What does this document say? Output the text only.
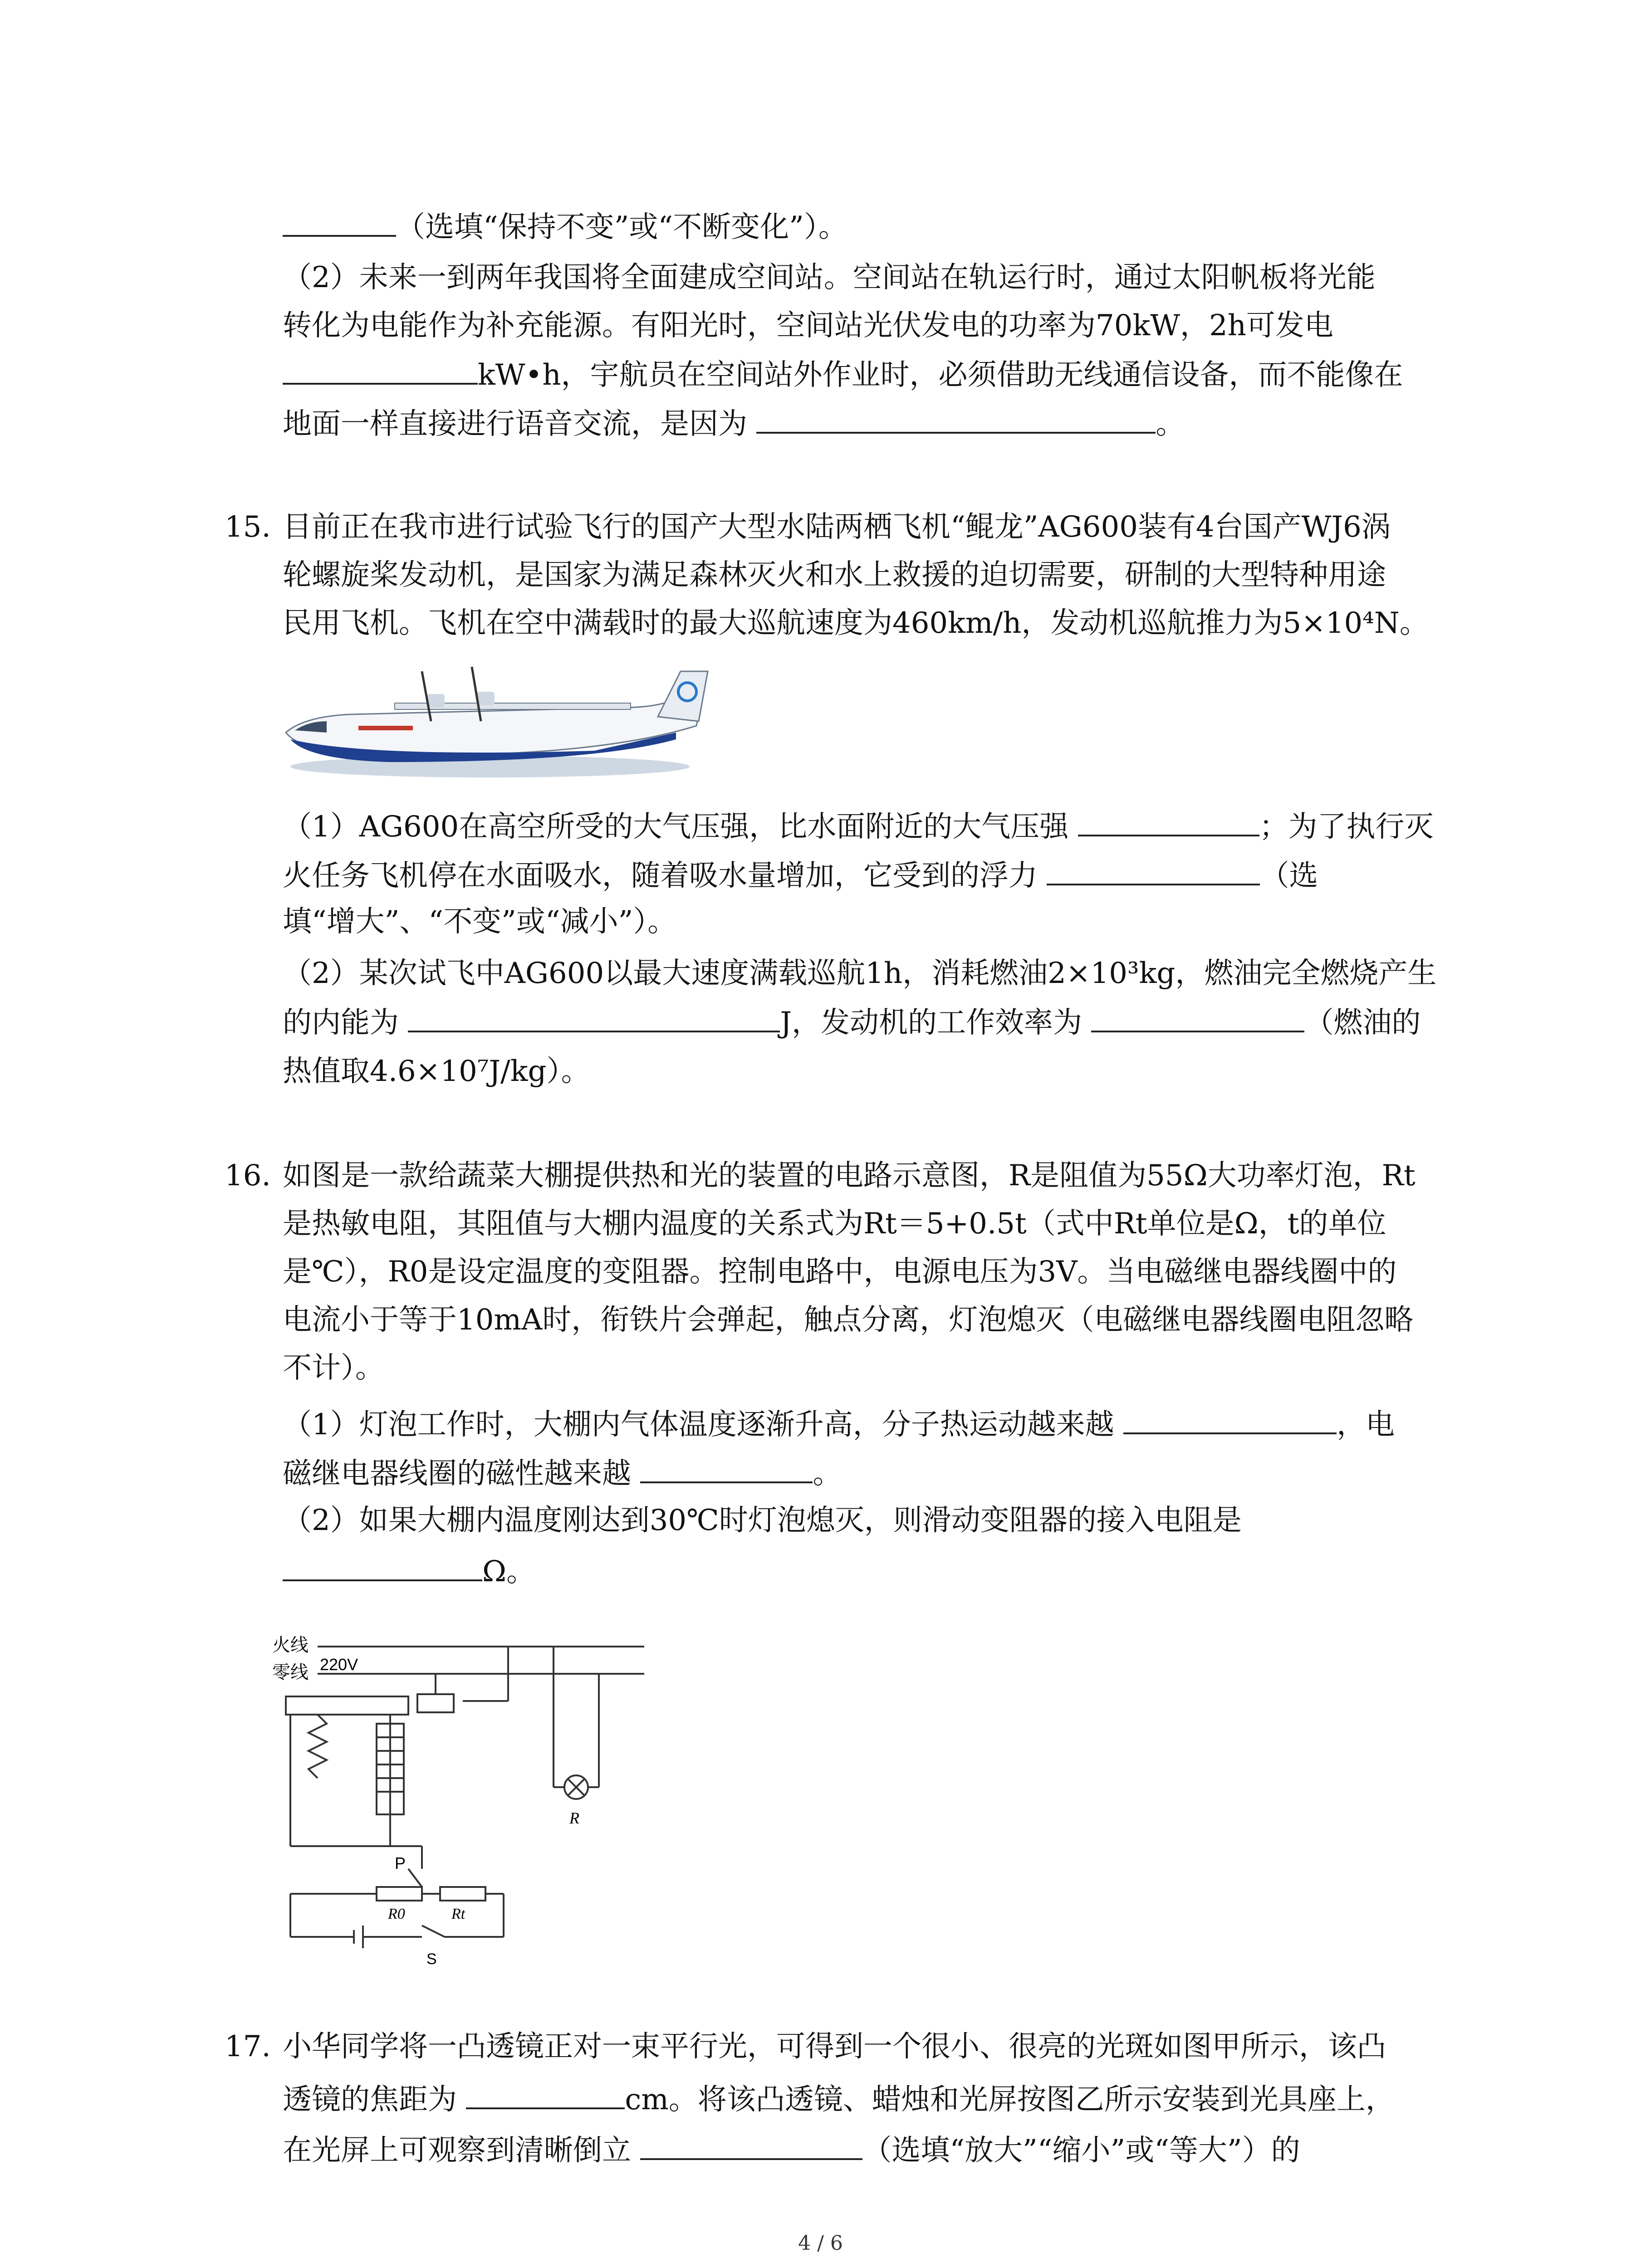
（选填“保持不变”或“不断变化”）。
（2）未来一到两年我国将全面建成空间站。空间站在轨运行时，通过太阳帆板将光能
转化为电能作为补充能源。有阳光时，空间站光伏发电的功率为70kW，2h可发电
kW•h，宇航员在空间站外作业时，必须借助无线通信设备，而不能像在
地面一样直接进行语音交流，是因为	。
15. 目前正在我市进行试验飞行的国产大型水陆两栖飞机“鲲龙”AG600装有4台国产WJ6涡
轮螺旋桨发动机，是国家为满足森林灭火和水上救援的迫切需要，研制的大型特种用途
民用飞机。飞机在空中满载时的最大巡航速度为460km/h，发动机巡航推力为5×10⁴N。
（1）AG600在高空所受的大气压强，比水面附近的大气压强	；为了执行灭
火任务飞机停在水面吸水，随着吸水量增加，它受到的浮力	（选
填“增大”、“不变”或“减小”）。
（2）某次试飞中AG600以最大速度满载巡航1h，消耗燃油2×10³kg，燃油完全燃烧产生
的内能为	J，发动机的工作效率为	（燃油的
热值取4.6×10⁷J/kg）。
16. 如图是一款给蔬菜大棚提供热和光的装置的电路示意图，R是阻值为55Ω大功率灯泡，Rt
是热敏电阻，其阻值与大棚内温度的关系式为Rt＝5+0.5t（式中Rt单位是Ω，t的单位
是℃），R0是设定温度的变阻器。控制电路中，电源电压为3V。当电磁继电器线圈中的
电流小于等于10mA时，衔铁片会弹起，触点分离，灯泡熄灭（电磁继电器线圈电阻忽略
不计）。
（1）灯泡工作时，大棚内气体温度逐渐升高，分子热运动越来越	，电
磁继电器线圈的磁性越来越	。
（2）如果大棚内温度刚达到30℃时灯泡熄灭，则滑动变阻器的接入电阻是
Ω。
火线
零线 220V
R
P
R0	Rt
S
17. 小华同学将一凸透镜正对一束平行光，可得到一个很小、很亮的光斑如图甲所示，该凸
透镜的焦距为	cm。将该凸透镜、蜡烛和光屏按图乙所示安装到光具座上，
在光屏上可观察到清晰倒立	（选填“放大”“缩小”或“等大”）的
4 / 6
